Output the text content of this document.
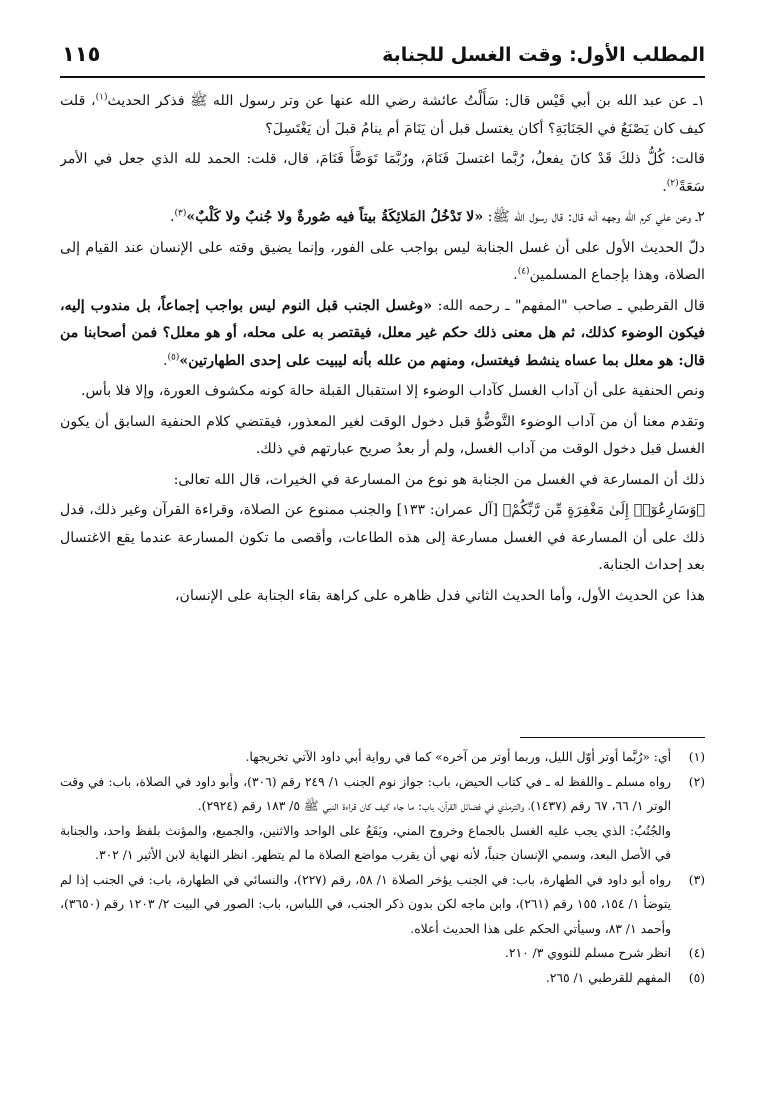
المطلب الأول: وقت الغسل للجنابة
١١٥

١ـ عن عبد الله بن أبي قَيْس قال: سَأَلْتُ عائشة رضي الله عنها عن وتر رسول الله ﷺ فذكر الحديث$^{(١)}$، قلت كيف كان يَصْنَعُ في الجَنَابَةِ؟ أكان يغتسل قبل أن يَنَامَ أم ينامُ قبلَ أن يَغْتَسِلَ؟

قالت: كُلُّ ذلكَ قَدْ كانَ يفعلُ، رُبَّما اغتسلَ فَنَامَ، ورُبَّمَا تَوَضَّأَ فَنَامَ، قال، قلت: الحمد لله الذي جعل في الأمر سَعَةً$^{(٢)}$.

٢ـ وعن علي كرم الله وجهه أنه قال: قال رسول الله ﷺ: «لا تَدْخُلُ المَلائِكَةُ بيتاً فيه صُورةٌ ولا جُنبٌ ولا كَلْبٌ»$^{(٣)}$.

دلّ الحديث الأول على أن غسل الجنابة ليس بواجب على الفور، وإنما يضيق وقته على الإنسان عند القيام إلى الصلاة، وهذا بإجماع المسلمين$^{(٤)}$.

قال القرطبي ـ صاحب "المفهم" ـ رحمه الله: «وغسل الجنب قبل النوم ليس بواجب إجماعاً، بل مندوب إليه، فيكون الوضوء كذلك، ثم هل معنى ذلك حكم غير معلل، فيقتصر به على محله، أو هو معلل؟ فمن أصحابنا من قال: هو معلل بما عساه ينشط فيغتسل، ومنهم من علله بأنه ليبيت على إحدى الطهارتين»$^{(٥)}$.

ونص الحنفية على أن آداب الغسل كآداب الوضوء إلا استقبال القبلة حالة كونه مكشوف العورة، وإلا فلا بأس.

وتقدم معنا أن من آداب الوضوء التَّوضُّؤ قبل دخول الوقت لغير المعذور، فيقتضي كلام الحنفية السابق أن يكون الغسل قبل دخول الوقت من آداب الغسل، ولم أر بعدُ صريح عبارتهم في ذلك.

ذلك أن المسارعة في الغسل من الجنابة هو نوع من المسارعة في الخيرات، قال الله تعالى:

﴿وَسَارِعُوٓا۟ إِلَىٰ مَغْفِرَةٍ مِّن رَّبِّكُمْ﴾ [آل عمران: ١٣٣] والجنب ممنوع عن الصلاة، وقراءة القرآن وغير ذلك، فدل ذلك على أن المسارعة في الغسل مسارعة إلى هذه الطاعات، وأقصى ما تكون المسارعة عندما يقع الاغتسال بعد إحداث الجنابة.

هذا عن الحديث الأول، وأما الحديث الثاني فدل ظاهره على كراهة بقاء الجنابة على الإنسان،

(١)
أي: «رُبَّما أوتر أوّل الليل، وربما أوتر من آخره» كما في رواية أبي داود الآتي تخريجها.
(٢)
رواه مسلم ـ واللفظ له ـ في كتاب الحيض، باب: جواز نوم الجنب ١/ ٢٤٩ رقم (٣٠٦)، وأبو داود في الصلاة، باب: في وقت الوتر ١/ ٦٦، ٦٧ رقم (١٤٣٧)، والترمذي في فضائل القرآن، باب: ما جاء كيف كان قراءة النبي ﷺ ٥/ ١٨٣ رقم (٢٩٢٤).
والجُنُبُ: الذي يجب عليه الغسل بالجماع وخروج المني، ويَقَعُ على الواحد والاثنين، والجميع، والمؤنث بلفظ واحد، والجنابة في الأصل البعد، وسمي الإنسان جنباً، لأنه نهي أن يقرب مواضع الصلاة ما لم يتطهر. انظر النهاية لابن الأثير ١/ ٣٠٢.
(٣)
رواه أبو داود في الطهارة، باب: في الجنب يؤخر الصلاة ١/ ٥٨، رقم (٢٢٧)، والنسائي في الطهارة، باب: في الجنب إذا لم يتوضأ ١/ ١٥٤، ١٥٥ رقم (٢٦١)، وابن ماجه لكن بدون ذكر الجنب، في اللباس، باب: الصور في البيت ٢/ ١٢٠٣ رقم (٣٦٥٠)، وأحمد ١/ ٨٣، وسيأتي الحكم على هذا الحديث أعلاه.
(٤)
انظر شرح مسلم للنووي ٣/ ٢١٠.
(٥)
المفهم للقرطبي ١/ ٢٦٥.
